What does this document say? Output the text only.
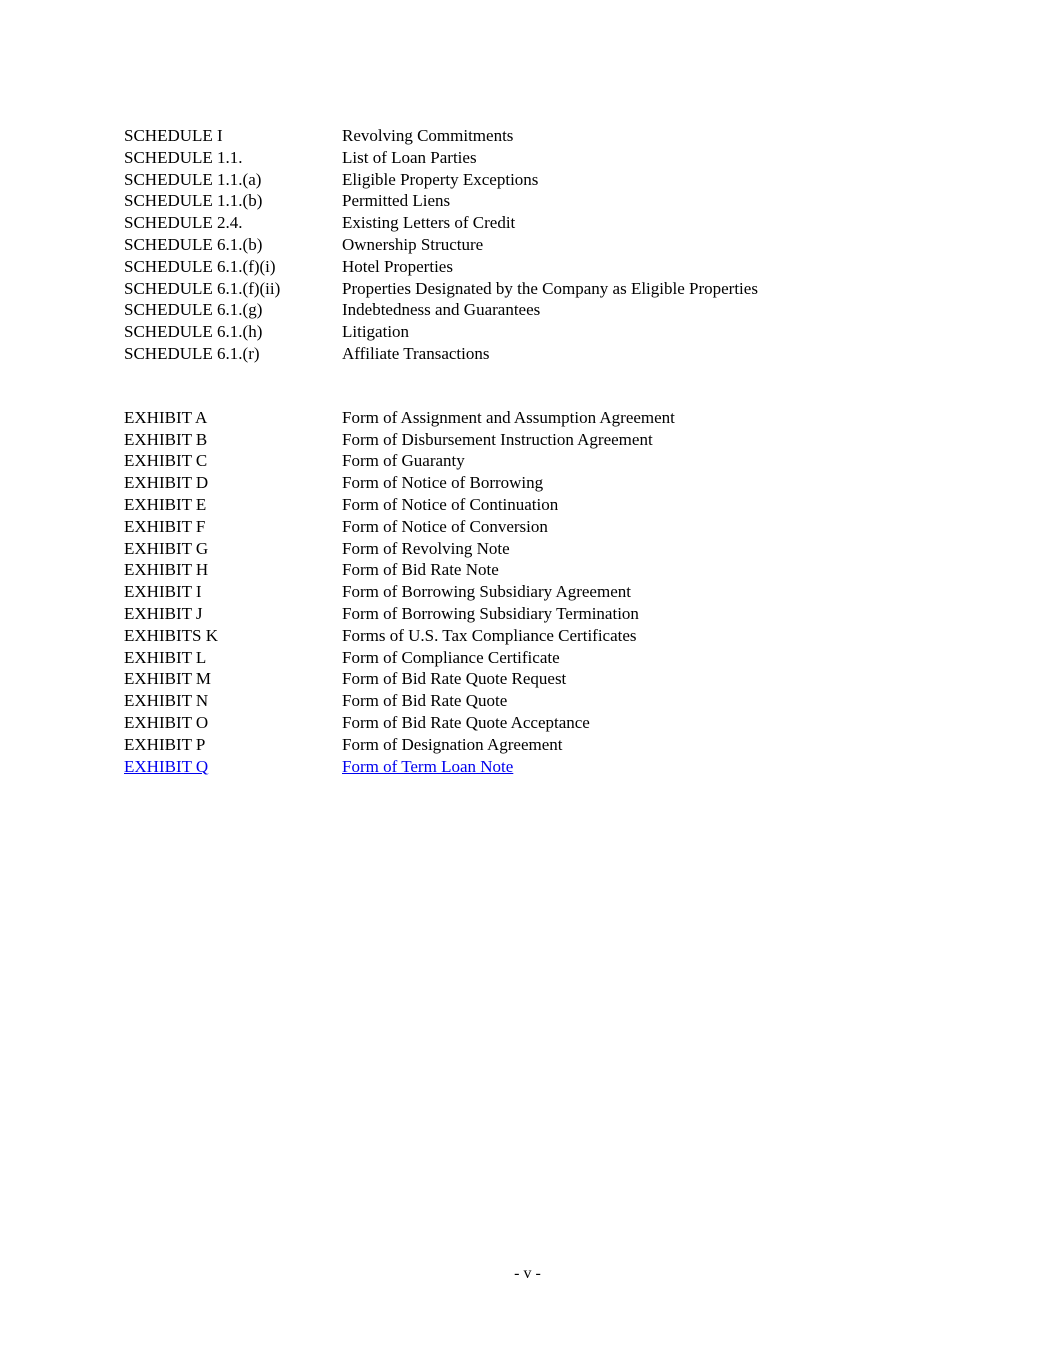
SCHEDULE I	Revolving Commitments
SCHEDULE 1.1.	List of Loan Parties
SCHEDULE 1.1.(a)	Eligible Property Exceptions
SCHEDULE 1.1.(b)	Permitted Liens
SCHEDULE 2.4.	Existing Letters of Credit
SCHEDULE 6.1.(b)	Ownership Structure
SCHEDULE 6.1.(f)(i)	Hotel Properties
SCHEDULE 6.1.(f)(ii)	Properties Designated by the Company as Eligible Properties
SCHEDULE 6.1.(g)	Indebtedness and Guarantees
SCHEDULE 6.1.(h)	Litigation
SCHEDULE 6.1.(r)	Affiliate Transactions
EXHIBIT A	Form of Assignment and Assumption Agreement
EXHIBIT B	Form of Disbursement Instruction Agreement
EXHIBIT C	Form of Guaranty
EXHIBIT D	Form of Notice of Borrowing
EXHIBIT E	Form of Notice of Continuation
EXHIBIT F	Form of Notice of Conversion
EXHIBIT G	Form of Revolving Note
EXHIBIT H	Form of Bid Rate Note
EXHIBIT I	Form of Borrowing Subsidiary Agreement
EXHIBIT J	Form of Borrowing Subsidiary Termination
EXHIBITS K	Forms of U.S. Tax Compliance Certificates
EXHIBIT L	Form of Compliance Certificate
EXHIBIT M	Form of Bid Rate Quote Request
EXHIBIT N	Form of Bid Rate Quote
EXHIBIT O	Form of Bid Rate Quote Acceptance
EXHIBIT P	Form of Designation Agreement
EXHIBIT Q	Form of Term Loan Note
- v -
